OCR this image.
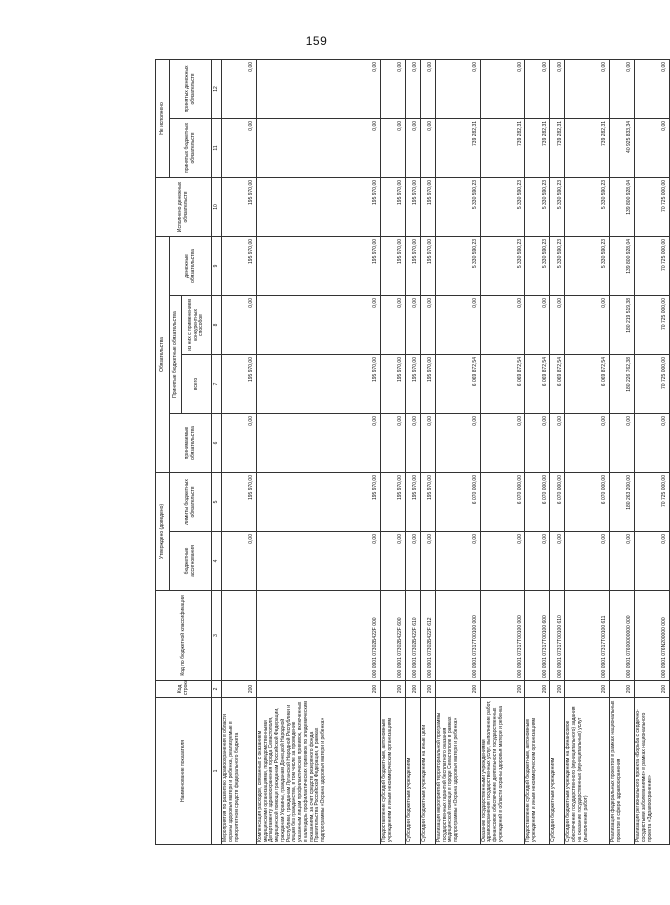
159
Наименование показателя	Код строки	Код по бюджетной классификации	Утверждено (доведено)		Обязательства				Исполнено денежных обязательств	Не исполнено	
			бюджетные ассигнования	лимиты бюджетных обязательств	принимаемые обязательства	Принятые бюджетные обязательства		денежные обязательства		принятых бюджетных обязательств	принятых денежных обязательств
						всего	из них с применением конкурентных способов				
1	2	3	4	5	6	7	8	9	10	11	12
Мероприятия по развитию здравоохранения в области охраны здоровья матери и ребенка, реализуемые в приоритетном средств федерального бюджета	200		0,00	195 970,00	0,00	195 970,00	0,00	195 970,00	195 970,00	0,00	0,00
Компенсация расходов, связанных с оказанием медицинскими организациями, подведомственными Департаменту здравоохранения города Севастополя, медицинской помощи гражданам Российской Федерации, гражданам Украины, гражданам Донецкой Народной Республики, гражданам Луганской Народной Республики и лицам без гражданства, в том числе за проведение указанным лицам профилактических прививок, включенных в календарь профилактических прививок по эпидемическим показаниям, за счет средств резервного фонда Правительства Российской Федерации, в рамках подпрограммы «Охрана здоровья матери и ребенка»	200	000 0901 07302Б422F 000	0,00	195 970,00	0,00	195 970,00	0,00	195 970,00	195 970,00	0,00	0,00
Предоставление субсидий бюджетным, автономным учреждениям и иным некоммерческим организациям	200	000 0901 07302Б422F 600	0,00	195 970,00	0,00	195 970,00	0,00	195 970,00	195 970,00	0,00	0,00
Субсидии бюджетным учреждениям	200	000 0901 07302Б422F 610	0,00	195 970,00	0,00	195 970,00	0,00	195 970,00	195 970,00	0,00	0,00
Субсидии бюджетным учреждениям на иные цели	200	000 0901 07302Б422F 612	0,00	195 970,00	0,00	195 970,00	0,00	195 970,00	195 970,00	0,00	0,00
Реализация мероприятий территориальной программы государственных гарантий бесплатного оказания медицинской помощи в городе Севастополе в рамках подпрограммы «Охрана здоровья матери и ребенка»	200	000 0901 07317Т00100 000	0,00	6 070 000,00	0,00	6 069 872,54	0,00	5 330 590,23	5 330 590,23	739 282,31	0,00
Оказание государственными учреждениями здравоохранения государственных услуг, выполнение работ, финансовое обеспечение деятельности государственных учреждений в области охраны здоровья матери и ребенка	200	000 0901 07317Т00100 000	0,00	6 070 000,00	0,00	6 069 872,54	0,00	5 330 590,23	5 330 590,23	739 282,31	0,00
Предоставление субсидий бюджетным, автономным учреждениям и иным некоммерческим организациям	200	000 0901 07317Т00100 600	0,00	6 070 000,00	0,00	6 069 872,54	0,00	5 330 590,23	5 330 590,23	739 282,31	0,00
Субсидии бюджетным учреждениям	200	000 0901 07317Т00100 610	0,00	6 070 000,00	0,00	6 069 872,54	0,00	5 330 590,23	5 330 590,23	739 282,31	0,00
Субсидии бюджетным учреждениям на финансовое обеспечение государственного (муниципального) задания на оказание государственных (муниципальных) услуг (выполнение работ)	200	000 0901 07317Т00100 611	0,00	6 070 000,00	0,00	6 069 872,54	0,00	5 330 590,23	5 330 590,23	739 282,31	0,00
Реализация федеральных проектов в рамках национальных проектов в сфере здравоохранения	200	000 0901 07600000000 000	0,00	180 263 200,00	0,00	180 226 762,38	180 219 519,38	139 800 928,04	139 800 928,04	40 925 833,34	0,00
Реализация регионального проекта «Борьба с сердечно-сосудистыми заболеваниями» в рамках национального проекта «Здравоохранение»	200	000 0901 076N200000 000	0,00	70 725 000,00	0,00	70 725 000,00	70 725 000,00	70 725 000,00	70 725 000,00	0,00	0,00
